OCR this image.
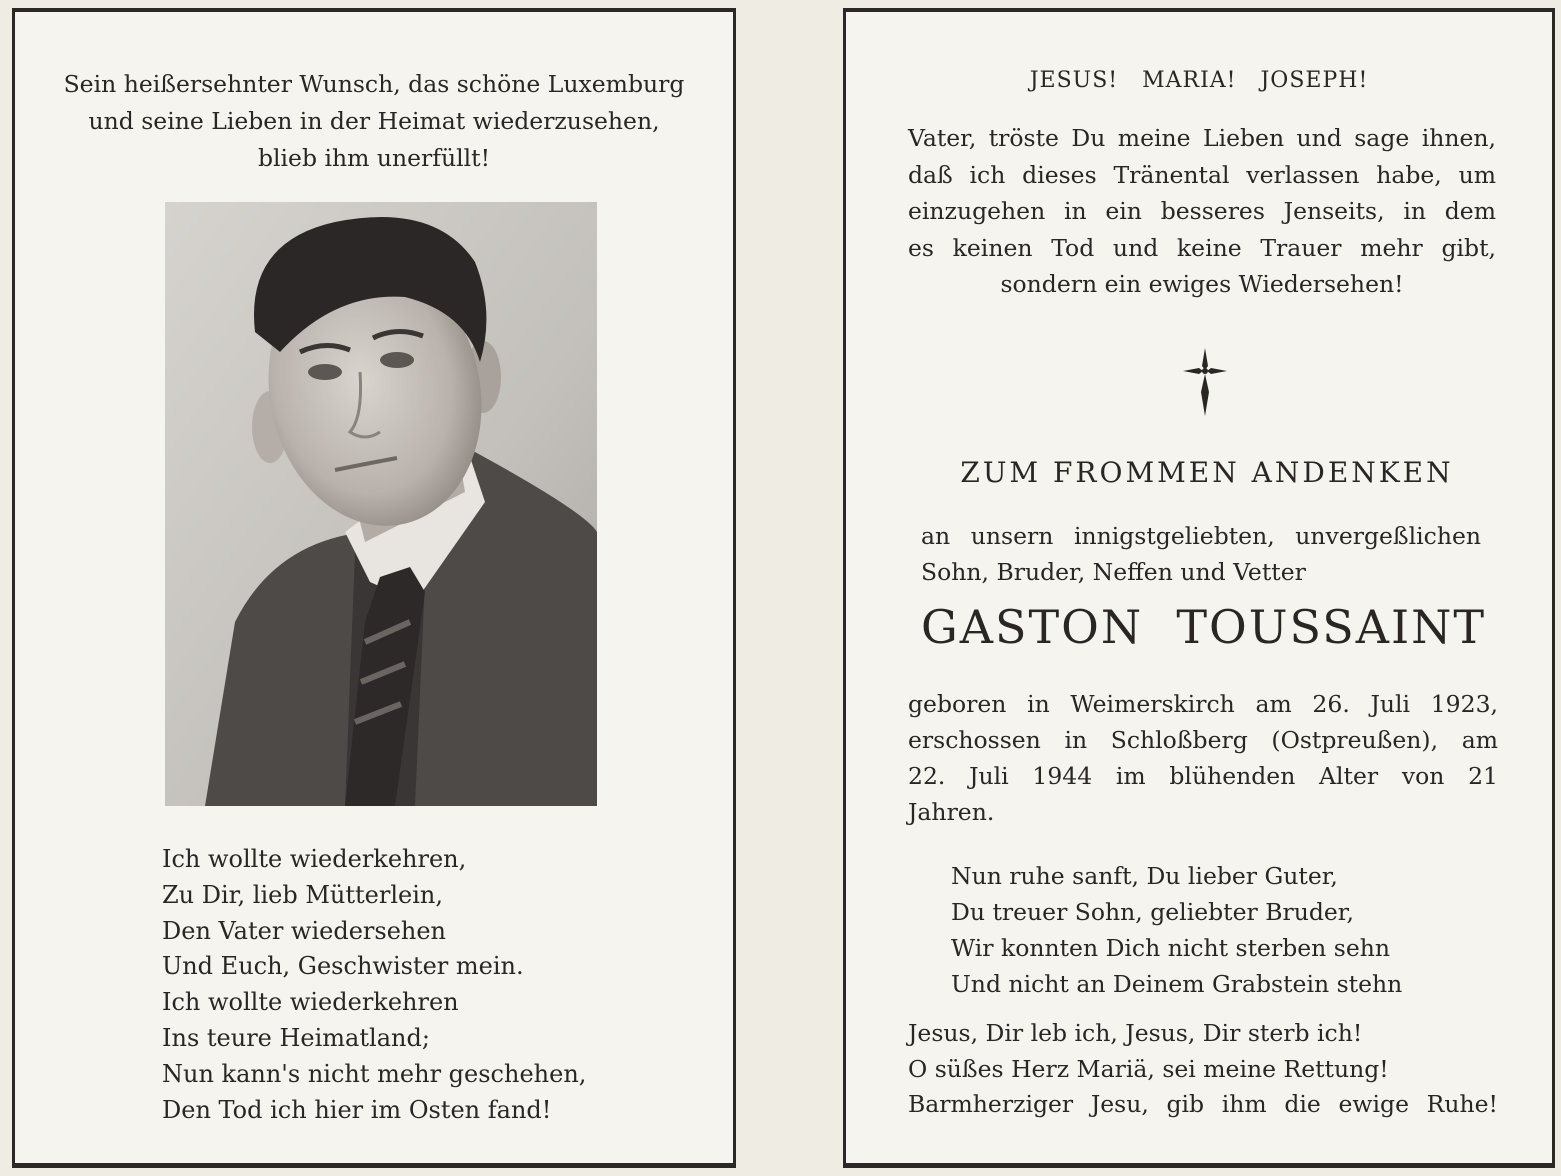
Sein heißersehnter Wunsch, das schöne Luxemburg
und seine Lieben in der Heimat wiederzusehen,
blieb ihm unerfüllt!
Ich wollte wiederkehren,
Zu Dir, lieb Mütterlein,
Den Vater wiedersehen
Und Euch, Geschwister mein.
Ich wollte wiederkehren
Ins teure Heimatland;
Nun kann's nicht mehr geschehen,
Den Tod ich hier im Osten fand!
JESUS!   MARIA!   JOSEPH!
Vater, tröste Du meine Lieben und sage ihnen,
daß ich dieses Tränental verlassen habe, um
einzugehen in ein besseres Jenseits, in dem
es keinen Tod und keine Trauer mehr gibt,
sondern ein ewiges Wiedersehen!
ZUM FROMMEN ANDENKEN
an unsern innigstgeliebten, unvergeßlichen
Sohn, Bruder, Neffen und Vetter
GASTON  TOUSSAINT
geboren in Weimerskirch am 26. Juli 1923,
erschossen in Schloßberg (Ostpreußen), am
22. Juli 1944 im blühenden Alter von 21
Jahren.
Nun ruhe sanft, Du lieber Guter,
Du treuer Sohn, geliebter Bruder,
Wir konnten Dich nicht sterben sehn
Und nicht an Deinem Grabstein stehn
Jesus, Dir leb ich, Jesus, Dir sterb ich!
O süßes Herz Mariä, sei meine Rettung!
Barmherziger Jesu, gib ihm die ewige Ruhe!
